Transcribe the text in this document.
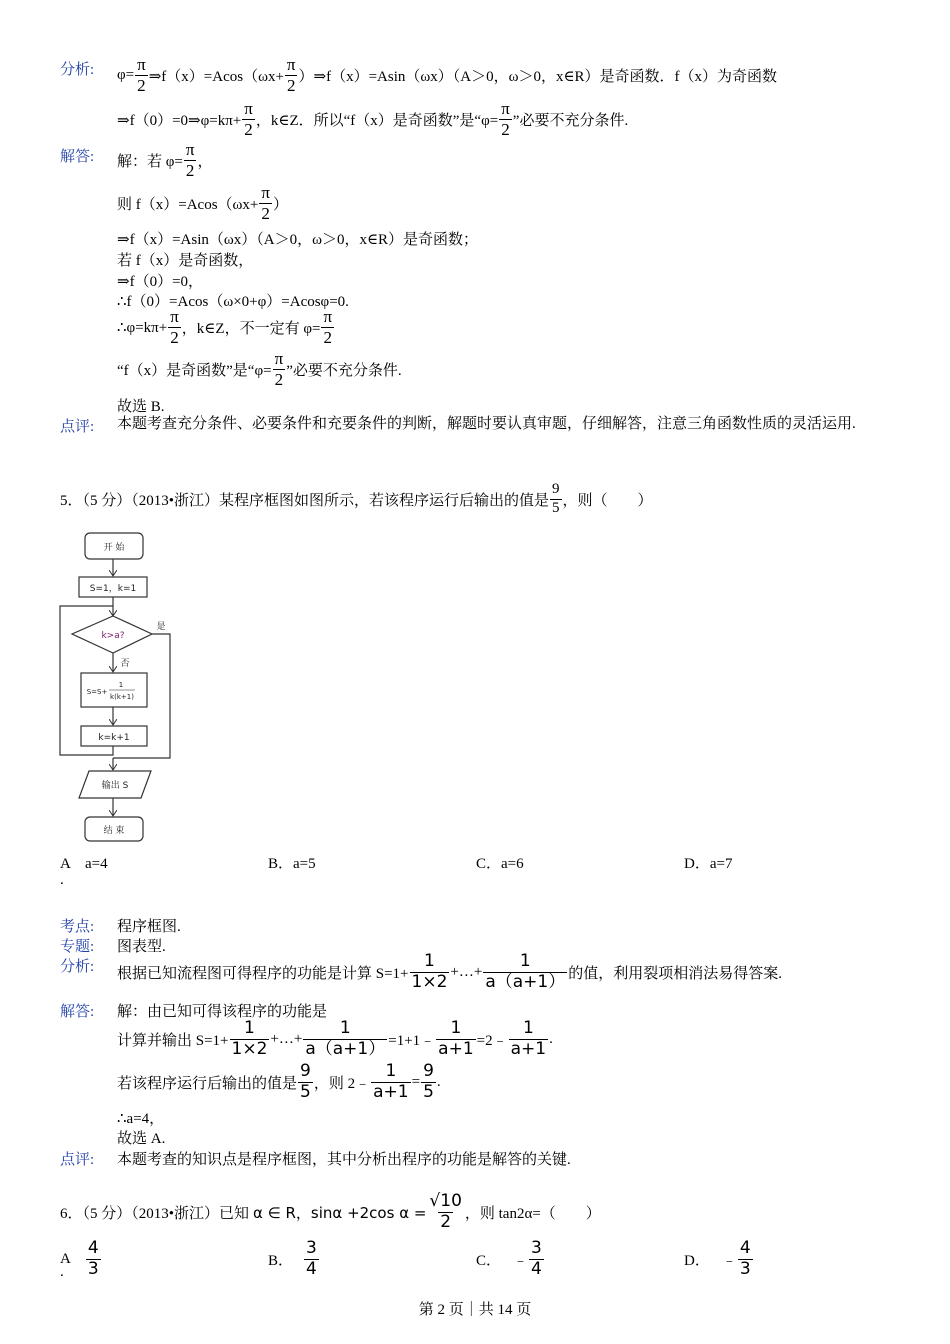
分析: $\varphi= \frac{\pi}{2}$ ⇒f（x）=Acos（ωx+ $\frac{\pi}{2}$ ）⇒f（x）=Asin（ωx）（A＞0，ω＞0，x∈R）是奇函数．f（x）为奇函数
⇒f（0）=0⇒φ=kπ+ $\frac{\pi}{2}$ ，k∈Z．所以“f（x）是奇函数”是“$\varphi= \frac{\pi}{2}$ ”必要不充分条件.
解答: 解：若 $\varphi= \frac{\pi}{2}$ ，
则 $f(x)=Acos(\omega x+ \frac{\pi}{2}$ ）
⇒f（x）=Asin（ωx）（A＞0，ω＞0，x∈R）是奇函数；
若 f（x）是奇函数，
⇒f（0）=0，
∴f（0）=Acos（ω×0+φ）=Acosφ=0.
∴φ=kπ+ $\frac{\pi}{2}$ ，k∈Z，不一定有 $\varphi= \frac{\pi}{2}$
“f（x）是奇函数”是“$\varphi= \frac{\pi}{2}$ ”必要不充分条件.
故选 B.
点评: 本题考查充分条件、必要条件和充要条件的判断，解题时要认真审题，仔细解答，注意三角函数性质的灵活运用.
5．（5 分）（2013•浙江）某程序框图如图所示，若该程序运行后输出的值是 $\frac{9}{5}$ ，则（　　）
开 始
S=1，k=1
k>a?
是
否
S=S+
1
k(k+1)
k=k+1
输出 S
结 束
A　a=4
.
B．a=5	C．a=6	D．a=7
考点: 程序框图.
专题: 图表型.
分析: 根据已知流程图可得程序的功能是计算 $S=1+ \frac{1}{1\times 2}$ +…+ $\frac{1}{a(a+1)}$ 的值，利用裂项相消法易得答案.
解答: 解：由已知可得该程序的功能是
计算并输出 $S=1+ \frac{1}{1\times 2}$ +…+ $\frac{1}{a(a+1)}$ =1+1﹣ $\frac{1}{a+1}$ =2﹣ $\frac{1}{a+1}$ .
若该程序运行后输出的值是 $\frac{9}{5}$ ，则 2﹣ $\frac{1}{a+1} = \frac{9}{5}$ .
∴a=4，
故选 A.
点评: 本题考查的知识点是程序框图，其中分析出程序的功能是解答的关键.
6．（5 分）（2013•浙江）已知 α ∈ R，sinα +2cos $\alpha = \frac{√10}{2}$ ，则 tan2α=（　　）
A $\frac{4}{3}$
.
B． $\frac{3}{4}$	C． ﹣ $\frac{3}{4}$	D． ﹣ $\frac{4}{3}$
第 2 页｜共 14 页
